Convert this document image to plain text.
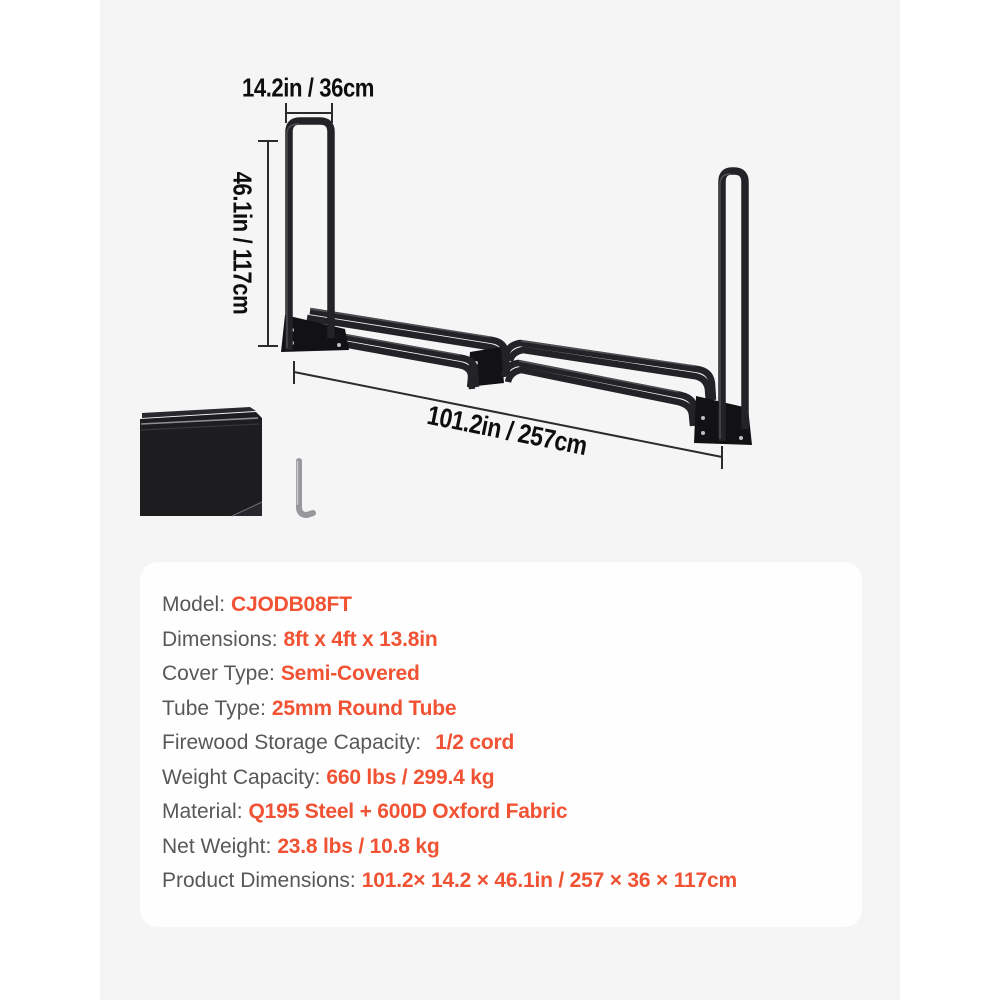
14.2in / 36cm
46.1in / 117cm
101.2in / 257cm
Model: CJODB08FT
Dimensions: 8ft x 4ft x 13.8in
Cover Type: Semi-Covered
Tube Type: 25mm Round Tube
Firewood Storage Capacity: 1/2 cord
Weight Capacity: 660 lbs / 299.4 kg
Material: Q195 Steel + 600D Oxford Fabric
Net Weight: 23.8 lbs / 10.8 kg
Product Dimensions: 101.2× 14.2 × 46.1in / 257 × 36 × 117cm
